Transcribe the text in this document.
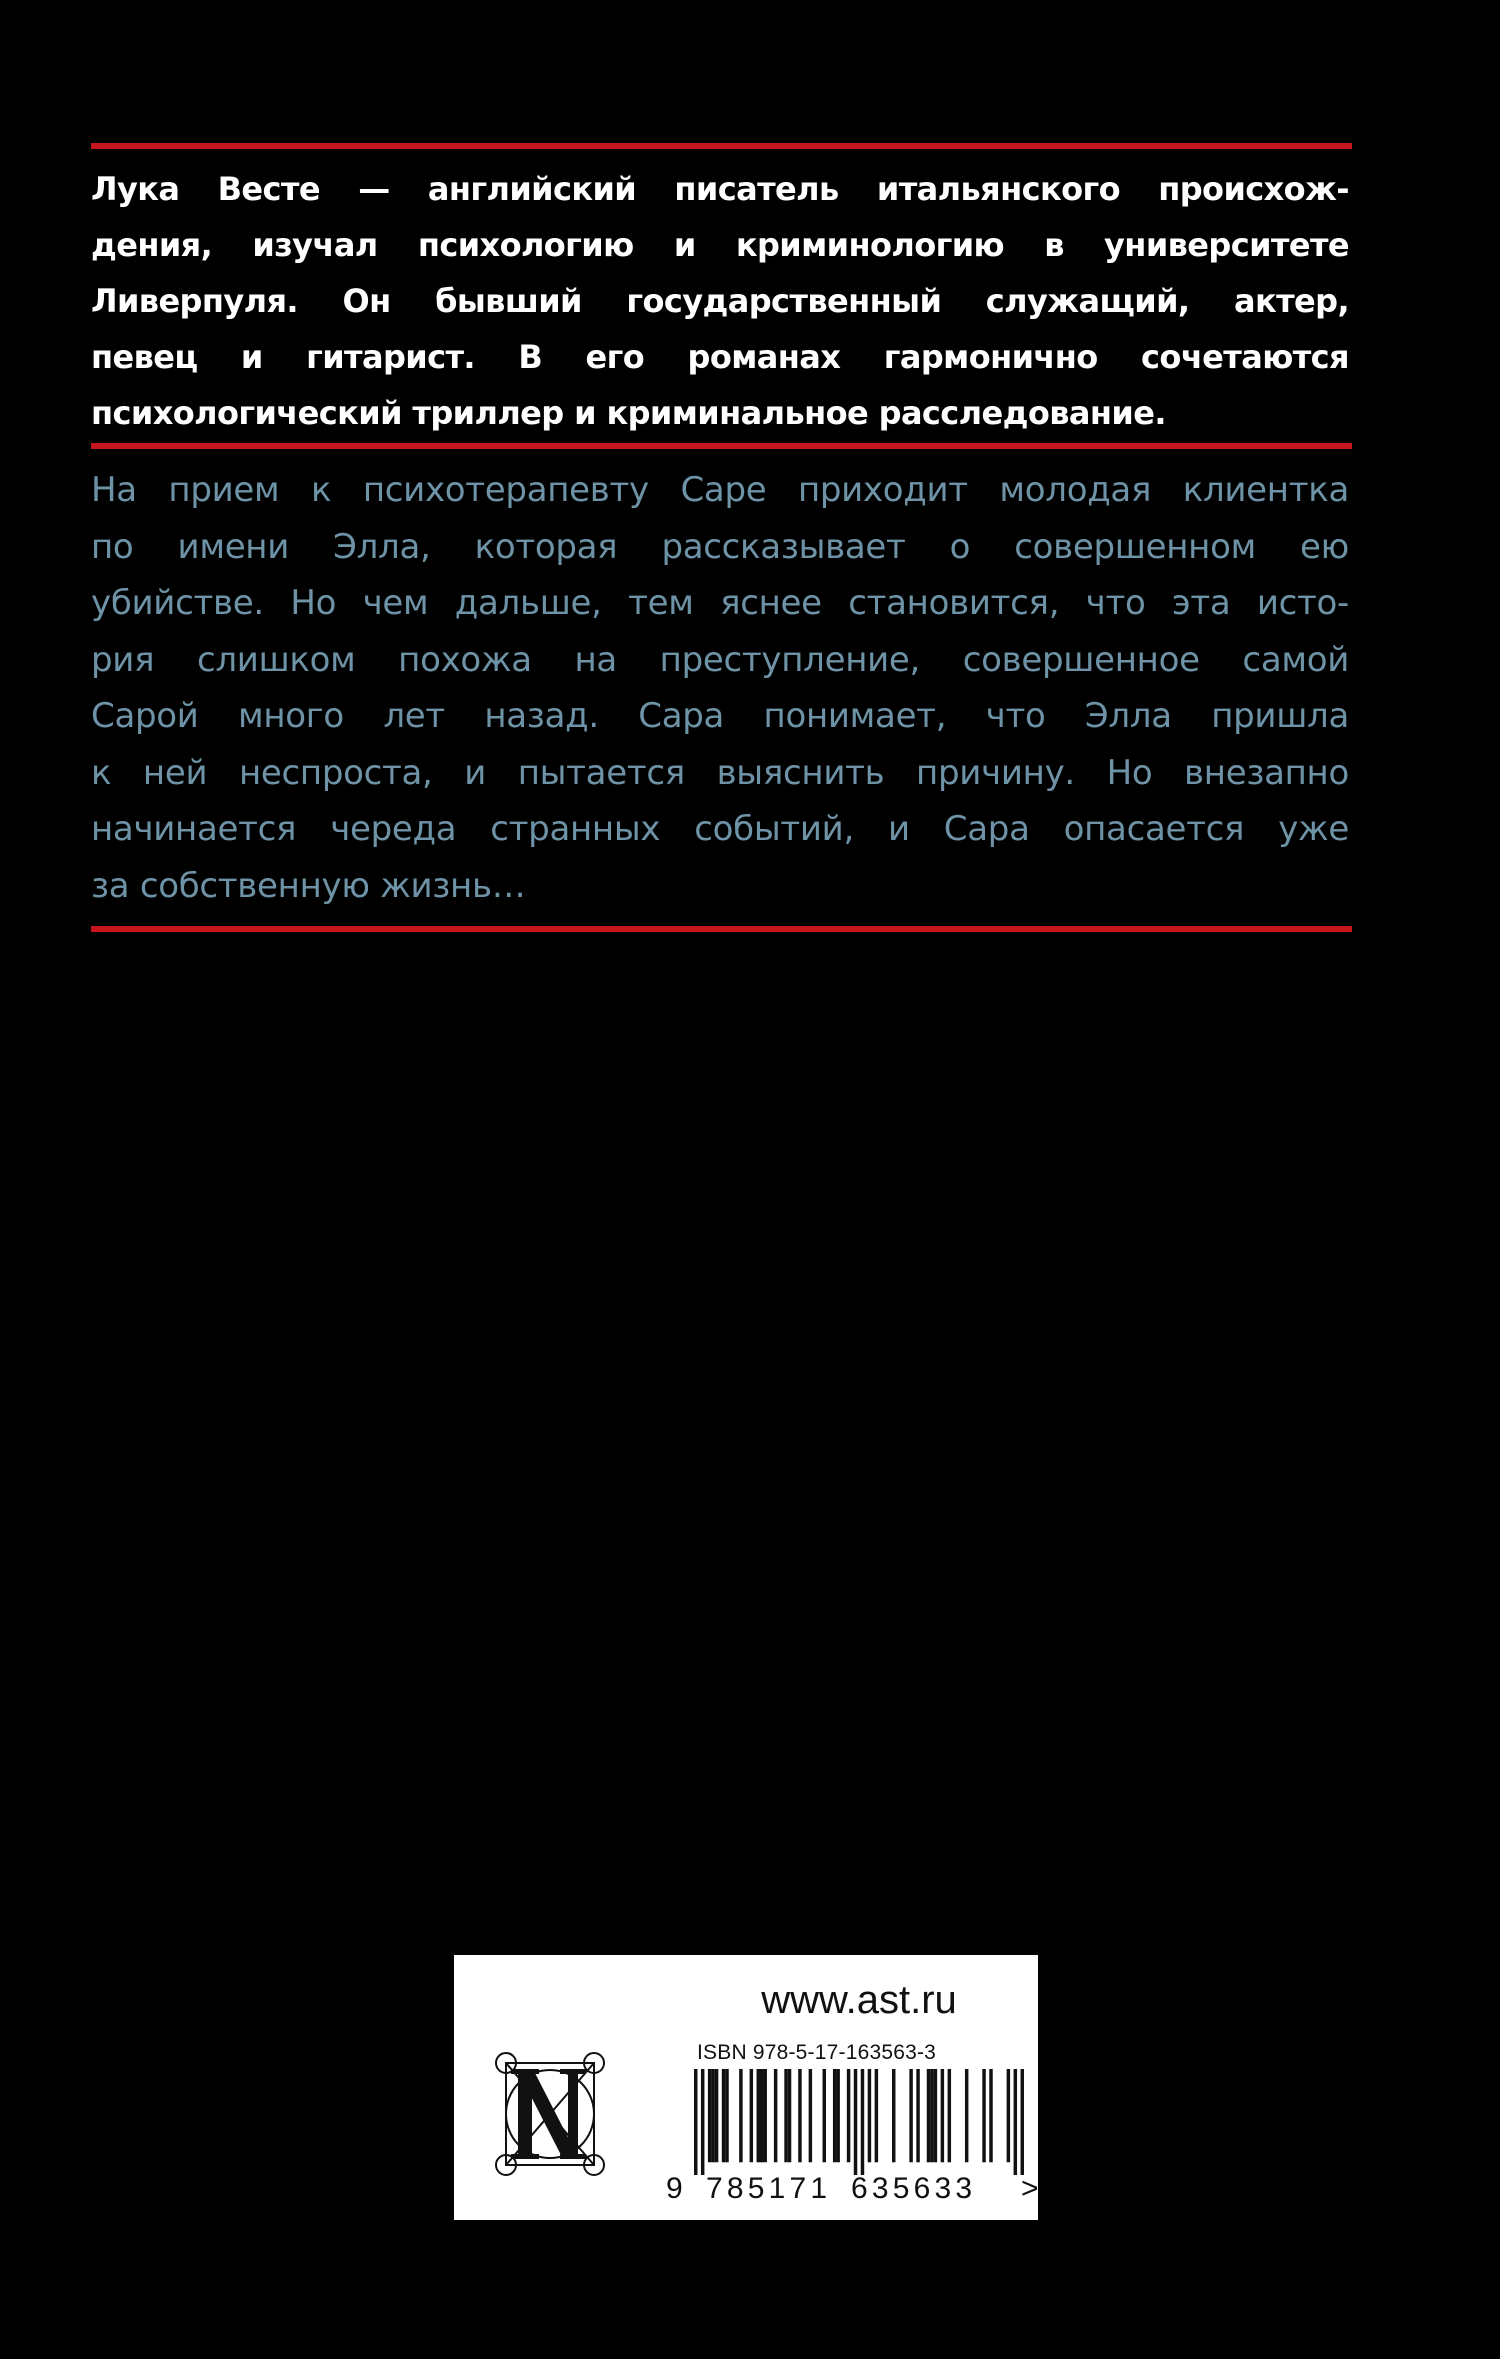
Лука Весте — английский писатель итальянского происхож-
дения, изучал психологию и криминологию в университете
Ливерпуля. Он бывший государственный служащий, актер,
певец и гитарист. В его романах гармонично сочетаются
психологический триллер и криминальное расследование.
На прием к психотерапевту Саре приходит молодая клиентка
по имени Элла, которая рассказывает о совершенном ею
убийстве. Но чем дальше, тем яснее становится, что эта исто-
рия слишком похожа на преступление, совершенное самой
Сарой много лет назад. Сара понимает, что Элла пришла
к ней неспроста, и пытается выяснить причину. Но внезапно
начинается череда странных событий, и Сара опасается уже
за собственную жизнь…
www.ast.ru
ISBN 978-5-17-163563-3
9 785171 635633 >
